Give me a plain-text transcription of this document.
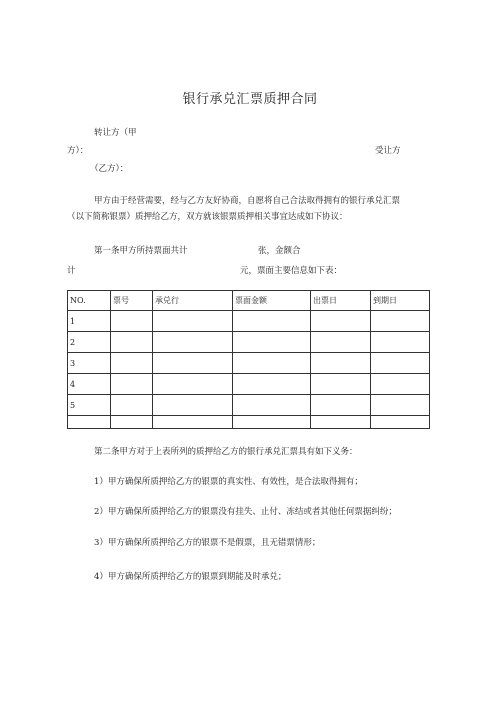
银行承兑汇票质押合同
转让方（甲
方）：	受让方
（乙方）：
甲方由于经营需要，经与乙方友好协商，自愿将自己合法取得拥有的银行承兑汇票
（以下简称银票）质押给乙方，双方就该银票质押相关事宜达成如下协议：
第一条甲方所持票面共计	张，金额合
计	元，票面主要信息如下表：
NO.	票号	承兑行	票面金额	出票日	到期日
1					
2					
3					
4					
5					

第二条甲方对于上表所列的质押给乙方的银行承兑汇票具有如下义务：
1）甲方确保所质押给乙方的银票的真实性、有效性，是合法取得拥有；
2）甲方确保所质押给乙方的银票没有挂失、止付、冻结或者其他任何票据纠纷；
3）甲方确保所质押给乙方的银票不是假票，且无错票情形；
4）甲方确保所质押给乙方的银票到期能及时承兑；
